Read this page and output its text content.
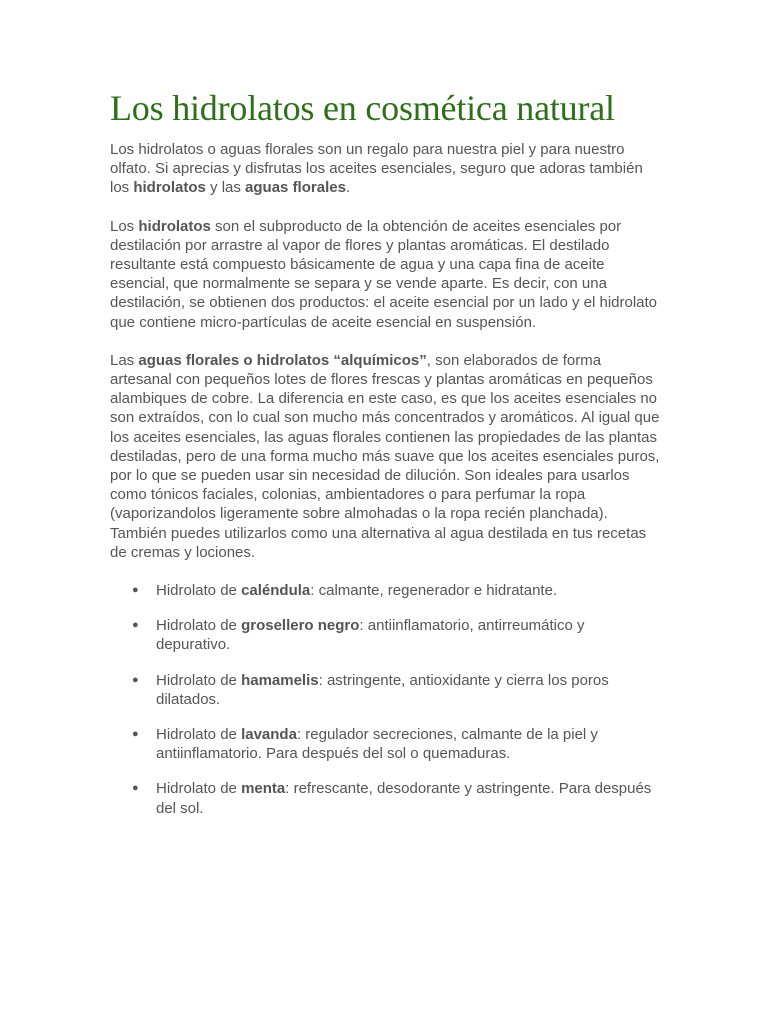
Los hidrolatos en cosmética natural

Los hidrolatos o aguas florales son un regalo para nuestra piel y para nuestro olfato. Si aprecias y disfrutas los aceites esenciales, seguro que adoras también los hidrolatos y las aguas florales.

Los hidrolatos son el subproducto de la obtención de aceites esenciales por destilación por arrastre al vapor de flores y plantas aromáticas. El destilado resultante está compuesto básicamente de agua y una capa fina de aceite esencial, que normalmente se separa y se vende aparte. Es decir, con una destilación, se obtienen dos productos: el aceite esencial por un lado y el hidrolato que contiene micro-partículas de aceite esencial en suspensión.

Las aguas florales o hidrolatos “alquímicos”, son elaborados de forma artesanal con pequeños lotes de flores frescas y plantas aromáticas en pequeños alambiques de cobre. La diferencia en este caso, es que los aceites esenciales no son extraídos, con lo cual son mucho más concentrados y aromáticos. Al igual que los aceites esenciales, las aguas florales contienen las propiedades de las plantas destiladas, pero de una forma mucho más suave que los aceites esenciales puros, por lo que se pueden usar sin necesidad de dilución. Son ideales para usarlos como tónicos faciales, colonias, ambientadores o para perfumar la ropa (vaporizandolos ligeramente sobre almohadas o la ropa recién planchada). También puedes utilizarlos como una alternativa al agua destilada en tus recetas de cremas y lociones.

● Hidrolato de caléndula: calmante, regenerador e hidratante.
● Hidrolato de grosellero negro: antiinflamatorio, antirreumático y depurativo.
● Hidrolato de hamamelis: astringente, antioxidante y cierra los poros dilatados.
● Hidrolato de lavanda: regulador secreciones, calmante de la piel y antiinflamatorio. Para después del sol o quemaduras.
● Hidrolato de menta: refrescante, desodorante y astringente. Para después del sol.
